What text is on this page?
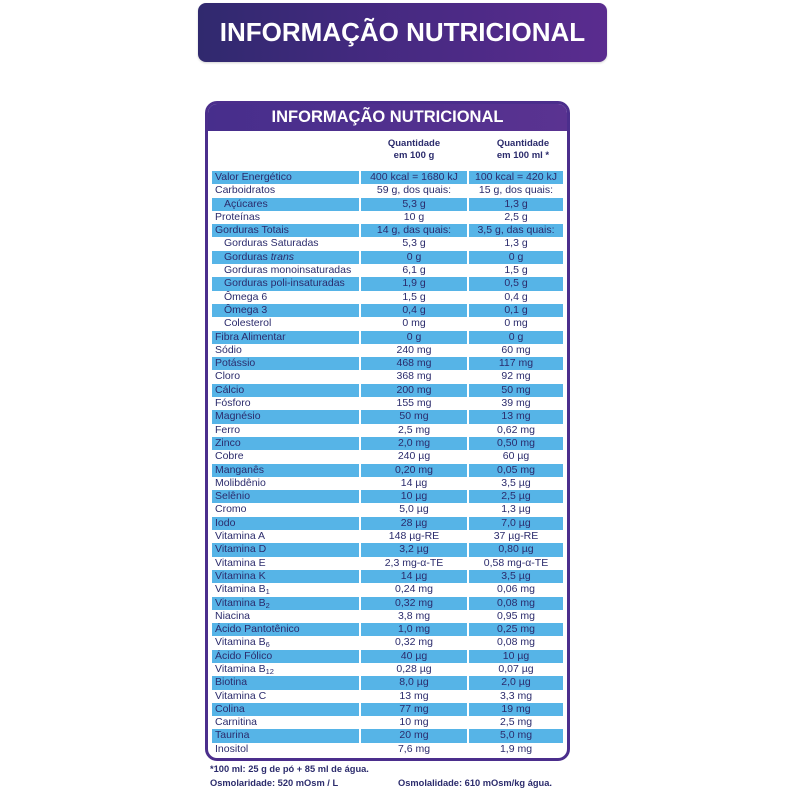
INFORMAÇÃO NUTRICIONAL
INFORMAÇÃO NUTRICIONAL
Quantidade
em 100 g
Quantidade
em 100 ml *
Valor Energético	400 kcal = 1680 kJ	100 kcal = 420 kJ
Carboidratos	59 g, dos quais:	15 g, dos quais:
Açúcares	5,3 g	1,3 g
Proteínas	10 g	2,5 g
Gorduras Totais	14 g, das quais:	3,5 g, das quais:
Gorduras Saturadas	5,3 g	1,3 g
Gorduras trans	0 g	0 g
Gorduras monoinsaturadas	6,1 g	1,5 g
Gorduras poli-insaturadas	1,9 g	0,5 g
Ômega 6	1,5 g	0,4 g
Ômega 3	0,4 g	0,1 g
Colesterol	0 mg	0 mg
Fibra Alimentar	0 g	0 g
Sódio	240 mg	60 mg
Potássio	468 mg	117 mg
Cloro	368 mg	92 mg
Cálcio	200 mg	50 mg
Fósforo	155 mg	39 mg
Magnésio	50 mg	13 mg
Ferro	2,5 mg	0,62 mg
Zinco	2,0 mg	0,50 mg
Cobre	240 µg	60 µg
Manganês	0,20 mg	0,05 mg
Molibdênio	14 µg	3,5 µg
Selênio	10 µg	2,5 µg
Cromo	5,0 µg	1,3 µg
Iodo	28 µg	7,0 µg
Vitamina A	148 µg-RE	37 µg-RE
Vitamina D	3,2 µg	0,80 µg
Vitamina E	2,3 mg-α-TE	0,58 mg-α-TE
Vitamina K	14 µg	3,5 µg
Vitamina $B_1$	0,24 mg	0,06 mg
Vitamina $B_2$	0,32 mg	0,08 mg
Niacina	3,8 mg	0,95 mg
Ácido Pantotênico	1,0 mg	0,25 mg
Vitamina $B_6$	0,32 mg	0,08 mg
Ácido Fólico	40 µg	10 µg
Vitamina $B_{12}$	0,28 µg	0,07 µg
Biotina	8,0 µg	2,0 µg
Vitamina C	13 mg	3,3 mg
Colina	77 mg	19 mg
Carnitina	10 mg	2,5 mg
Taurina	20 mg	5,0 mg
Inositol	7,6 mg	1,9 mg
*100 ml: 25 g de pó + 85 ml de água.
Osmolaridade: 520 mOsm / L	Osmolalidade: 610 mOsm/kg água.
